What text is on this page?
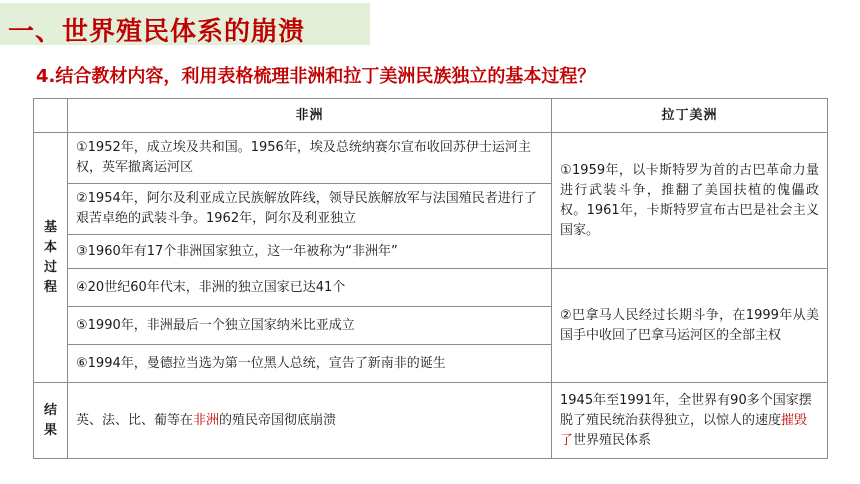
一、世界殖民体系的崩溃
4.结合教材内容，利用表格梳理非洲和拉丁美洲民族独立的基本过程？
	非洲	拉丁美洲
基本过程	①1952年，成立埃及共和国。1956年，埃及总统纳赛尔宣布收回苏伊士运河主权，英军撤离运河区	①1959年，以卡斯特罗为首的古巴革命力量进行武装斗争，推翻了美国扶植的傀儡政权。1961年，卡斯特罗宣布古巴是社会主义国家。
	②1954年，阿尔及利亚成立民族解放阵线，领导民族解放军与法国殖民者进行了艰苦卓绝的武装斗争。1962年，阿尔及利亚独立	
	③1960年有17个非洲国家独立，这一年被称为“非洲年”	
	④20世纪60年代末，非洲的独立国家已达41个	②巴拿马人民经过长期斗争，在1999年从美国手中收回了巴拿马运河区的全部主权
	⑤1990年，非洲最后一个独立国家纳米比亚成立	
	⑥1994年，曼德拉当选为第一位黑人总统，宣告了新南非的诞生	
结果	英、法、比、葡等在非洲的殖民帝国彻底崩溃	1945年至1991年，全世界有90多个国家摆脱了殖民统治获得独立，以惊人的速度摧毁了世界殖民体系
